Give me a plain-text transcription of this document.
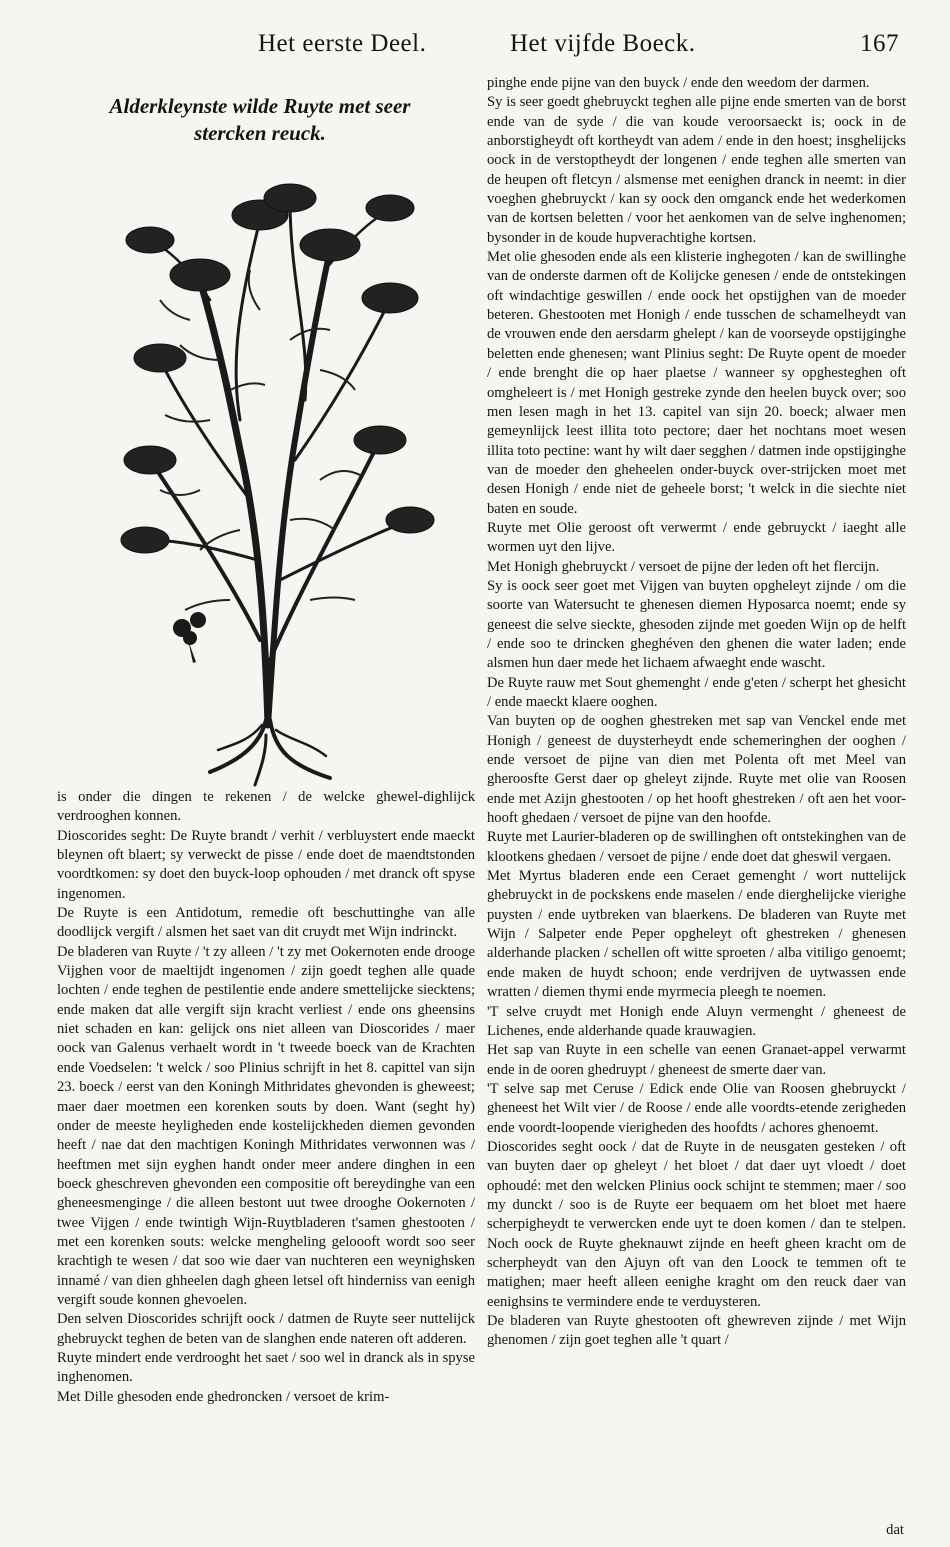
Het eerste Deel.	Het vijfde Boeck.	167
Alderkleynste wilde Ruyte met seer
stercken reuck.

is onder die dingen te rekenen / de welcke ghewel-dighlijck verdrooghen konnen.

Dioscorides seght: De Ruyte brandt / verhit / verbluystert ende maeckt bleynen oft blaert; sy verweckt de pisse / ende doet de maendtstonden voordtkomen: sy doet den buyck-loop ophouden / met dranck oft spyse ingenomen.

De Ruyte is een Antidotum, remedie oft beschuttinghe van alle doodlijck vergift / alsmen het saet van dit cruydt met Wijn indrinckt.

De bladeren van Ruyte / 't zy alleen / 't zy met Ookernoten ende drooge Vijghen voor de maeltijdt ingenomen / zijn goedt teghen alle quade lochten / ende teghen de pestilentie ende andere smettelijcke siecktens; ende maken dat alle vergift sijn kracht verliest / ende ons gheensins niet schaden en kan: gelijck ons niet alleen van Dioscorides / maer oock van Galenus verhaelt wordt in 't tweede boeck van de Krachten ende Voedselen: 't welck / soo Plinius schrijft in het 8. capittel van sijn 23. boeck / eerst van den Koningh Mithridates ghevonden is gheweest; maer daer moetmen een korenken souts by doen. Want (seght hy) onder de meeste heyligheden ende kostelijckheden diemen gevonden heeft / nae dat den machtigen Koningh Mithridates verwonnen was / heeftmen met sijn eyghen handt onder meer andere dinghen in een boeck gheschreven ghevonden een compositie oft bereydinghe van een gheneesmenginge / die alleen bestont uut twee drooghe Ookernoten / twee Vijgen / ende twintigh Wijn-Ruytbladeren t'samen ghestooten / met een korenken souts: welcke mengheling geloooft wordt soo seer krachtigh te wesen / dat soo wie daer van nuchteren een weynighsken innamé / van dien ghheelen dagh gheen letsel oft hinderniss van eenigh vergift soude konnen ghevoelen.

Den selven Dioscorides schrijft oock / datmen de Ruyte seer nuttelijck ghebruyckt teghen de beten van de slanghen ende nateren oft adderen.

Ruyte mindert ende verdrooght het saet / soo wel in dranck als in spyse inghenomen.

Met Dille ghesoden ende ghedroncken / versoet de krim-

pinghe ende pijne van den buyck / ende den weedom der darmen.

Sy is seer goedt ghebruyckt teghen alle pijne ende smerten van de borst ende van de syde / die van koude veroorsaeckt is; oock in de anborstigheydt oft korthеydt van adem / ende in den hoest; insghelijcks oock in de verstoptheydt der longenen / ende teghen alle smerten van de heupen oft fletcyn / alsmense met eenighen dranck in neemt: in dier voeghen ghebruyckt / kan sy oock den omganck ende het wederkomen van de kortsen beletten / voor het aenkomen van de selve inghenomen; bysonder in de koude hupverachtighe kortsen.

Met olie ghesoden ende als een klisterie inghegoten / kan de swillinghe van de onderste darmen oft de Kolijcke genesen / ende de ontstekingen oft windachtige geswillen / ende oock het opstijghen van de moeder beteren. Ghestooten met Honigh / ende tusschen de schamelheydt van de vrouwen ende den aersdarm ghelept / kan de voorseyde opstijginghe beletten ende ghenesen; want Plinius seght: De Ruyte opent de moeder / ende brenght die op haer plaetse / wanneer sy opghesteghen oft omgheleert is / met Honigh gestreke zynde den heelen buyck over; soo men lesen magh in het 13. capitel van sijn 20. boeck; alwaer men gemeynlijck leest illita toto pectore; daer het nochtans moet wesen illita toto pectine: want hy wilt daer segghen / datmen inde opstijginghe van de moeder den gheheelen onder-buyck over-strijcken moet met desen Honigh / ende niet de geheele borst; 't welck in die siechte niet baten en soude.

Ruyte met Olie geroost oft verwermt / ende gebruyckt / iaeght alle wormen uyt den lijve.

Met Honigh ghebruyckt / versoet de pijne der leden oft het flercijn.

Sy is oock seer goet met Vijgen van buyten opgheleyt zijnde / om die soorte van Watersucht te ghenesen diemen Hyposarca noemt; ende sy geneest die selve siecktе, ghesoden zijnde met goeden Wijn op de helft / ende soo te drincken gheghéven den ghenen die water laden; ende alsmen hun daer mede het lichaem afwaeght ende wascht.

De Ruyte rauw met Sout ghemenght / ende g'eten / scherpt het ghesicht / ende maeckt klaere ooghen.

Van buyten op de ooghen ghestreken met sap van Venckel ende met Honigh / geneest de duysterheydt ende schemeringhen der ooghen / ende versoet de pijne van dien met Polenta oft met Meel van gheroosfte Gerst daer op gheleyt zijnde. Ruyte met olie van Roosen ende met Azijn ghestooten / op het hooft ghestreken / oft aen het voor-hooft ghedaen / versoet de pijne van den hoofde.

Ruyte met Laurier-bladeren op de swillinghen oft ontstekinghen van de klootkens ghedaen / versoet de pijne / ende doet dat gheswil vergaen.

Met Myrtus bladeren ende een Ceraet gemenght / wort nuttelijck ghebruyckt in de pockskens ende maselen / ende dierghelijcke vierighe puysten / ende uytbreken van blaerkens. De bladeren van Ruyte met Wijn / Salpeter ende Peper opgheleyt oft ghestreken / ghenesen alderhande placken / schellen oft witte sproeten / alba vitiligo genoemt; ende maken de huydt schoon; ende verdrijven de uytwassen ende wratten / diemen thymi ende myrmecia pleegh te noemen.

'T selve cruydt met Honigh ende Aluyn vermenght / gheneest de Lichenes, ende alderhande quade krauwagien.

Het sap van Ruyte in een schelle van eenen Granaet-appel verwarmt ende in de ooren ghedruypt / gheneest de smerte daer van.

'T selve sap met Ceruse / Edick ende Olie van Roosen ghebruyckt / gheneest het Wilt vier / de Roose / ende alle voordts-etende zerigheden ende voordt-loopende vierigheden des hoofdts / achores ghenoemt.

Dioscorides seght oock / dat de Ruyte in de neusgaten gesteken / oft van buyten daer op gheleyt / het bloet / dat daer uyt vloedt / doet ophoudé: met den welcken Plinius oock schijnt te stemmen; maer / soo my dunckt / soo is de Ruyte eer bequaem om het bloet met haere scherpigheydt te verwercken ende uyt te doen komen / dan te stelpen. Noch oock de Ruyte gheknauwt zijnde en heeft gheen kracht om de scherpheydt van den Ajuyn oft van den Loock te temmen oft te matighen; maer heeft alleen eenighe kraght om den reuck daer van eenighsins te vermindere ende te verduysteren.

De bladeren van Ruyte ghestooten oft ghewreven zijnde / met Wijn ghenomen / zijn goet teghen alle 't quart /

dat
